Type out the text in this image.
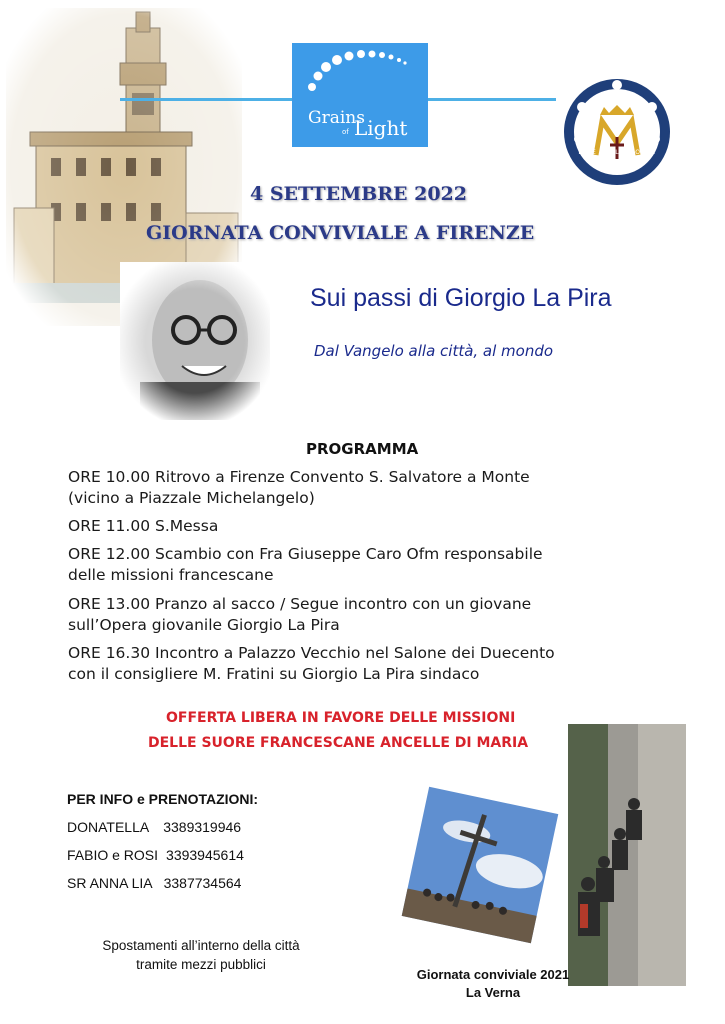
Grains
of Light
ECCE ANCILLA DOMINI
4 SETTEMBRE 2022
GIORNATA CONVIVIALE A FIRENZE
Sui passi di Giorgio La Pira
Dal Vangelo alla città, al mondo
PROGRAMMA
ORE 10.00 Ritrovo a Firenze Convento S. Salvatore a Monte
(vicino a Piazzale Michelangelo)
ORE 11.00 S.Messa
ORE 12.00 Scambio con Fra Giuseppe Caro Ofm responsabile
delle missioni francescane
ORE 13.00 Pranzo al sacco / Segue incontro con un giovane
sull’Opera giovanile Giorgio La Pira
ORE 16.30 Incontro a Palazzo Vecchio nel Salone dei Duecento
con il consigliere M. Fratini su Giorgio La Pira sindaco
OFFERTA LIBERA IN FAVORE DELLE MISSIONI
DELLE SUORE FRANCESCANE ANCELLE DI MARIA
PER INFO e PRENOTAZIONI:
DONATELLA 3389319946
FABIO e ROSI 3393945614
SR ANNA LIA 3387734564
Spostamenti all’interno della città
tramite mezzi pubblici
Giornata conviviale 2021
La Verna
